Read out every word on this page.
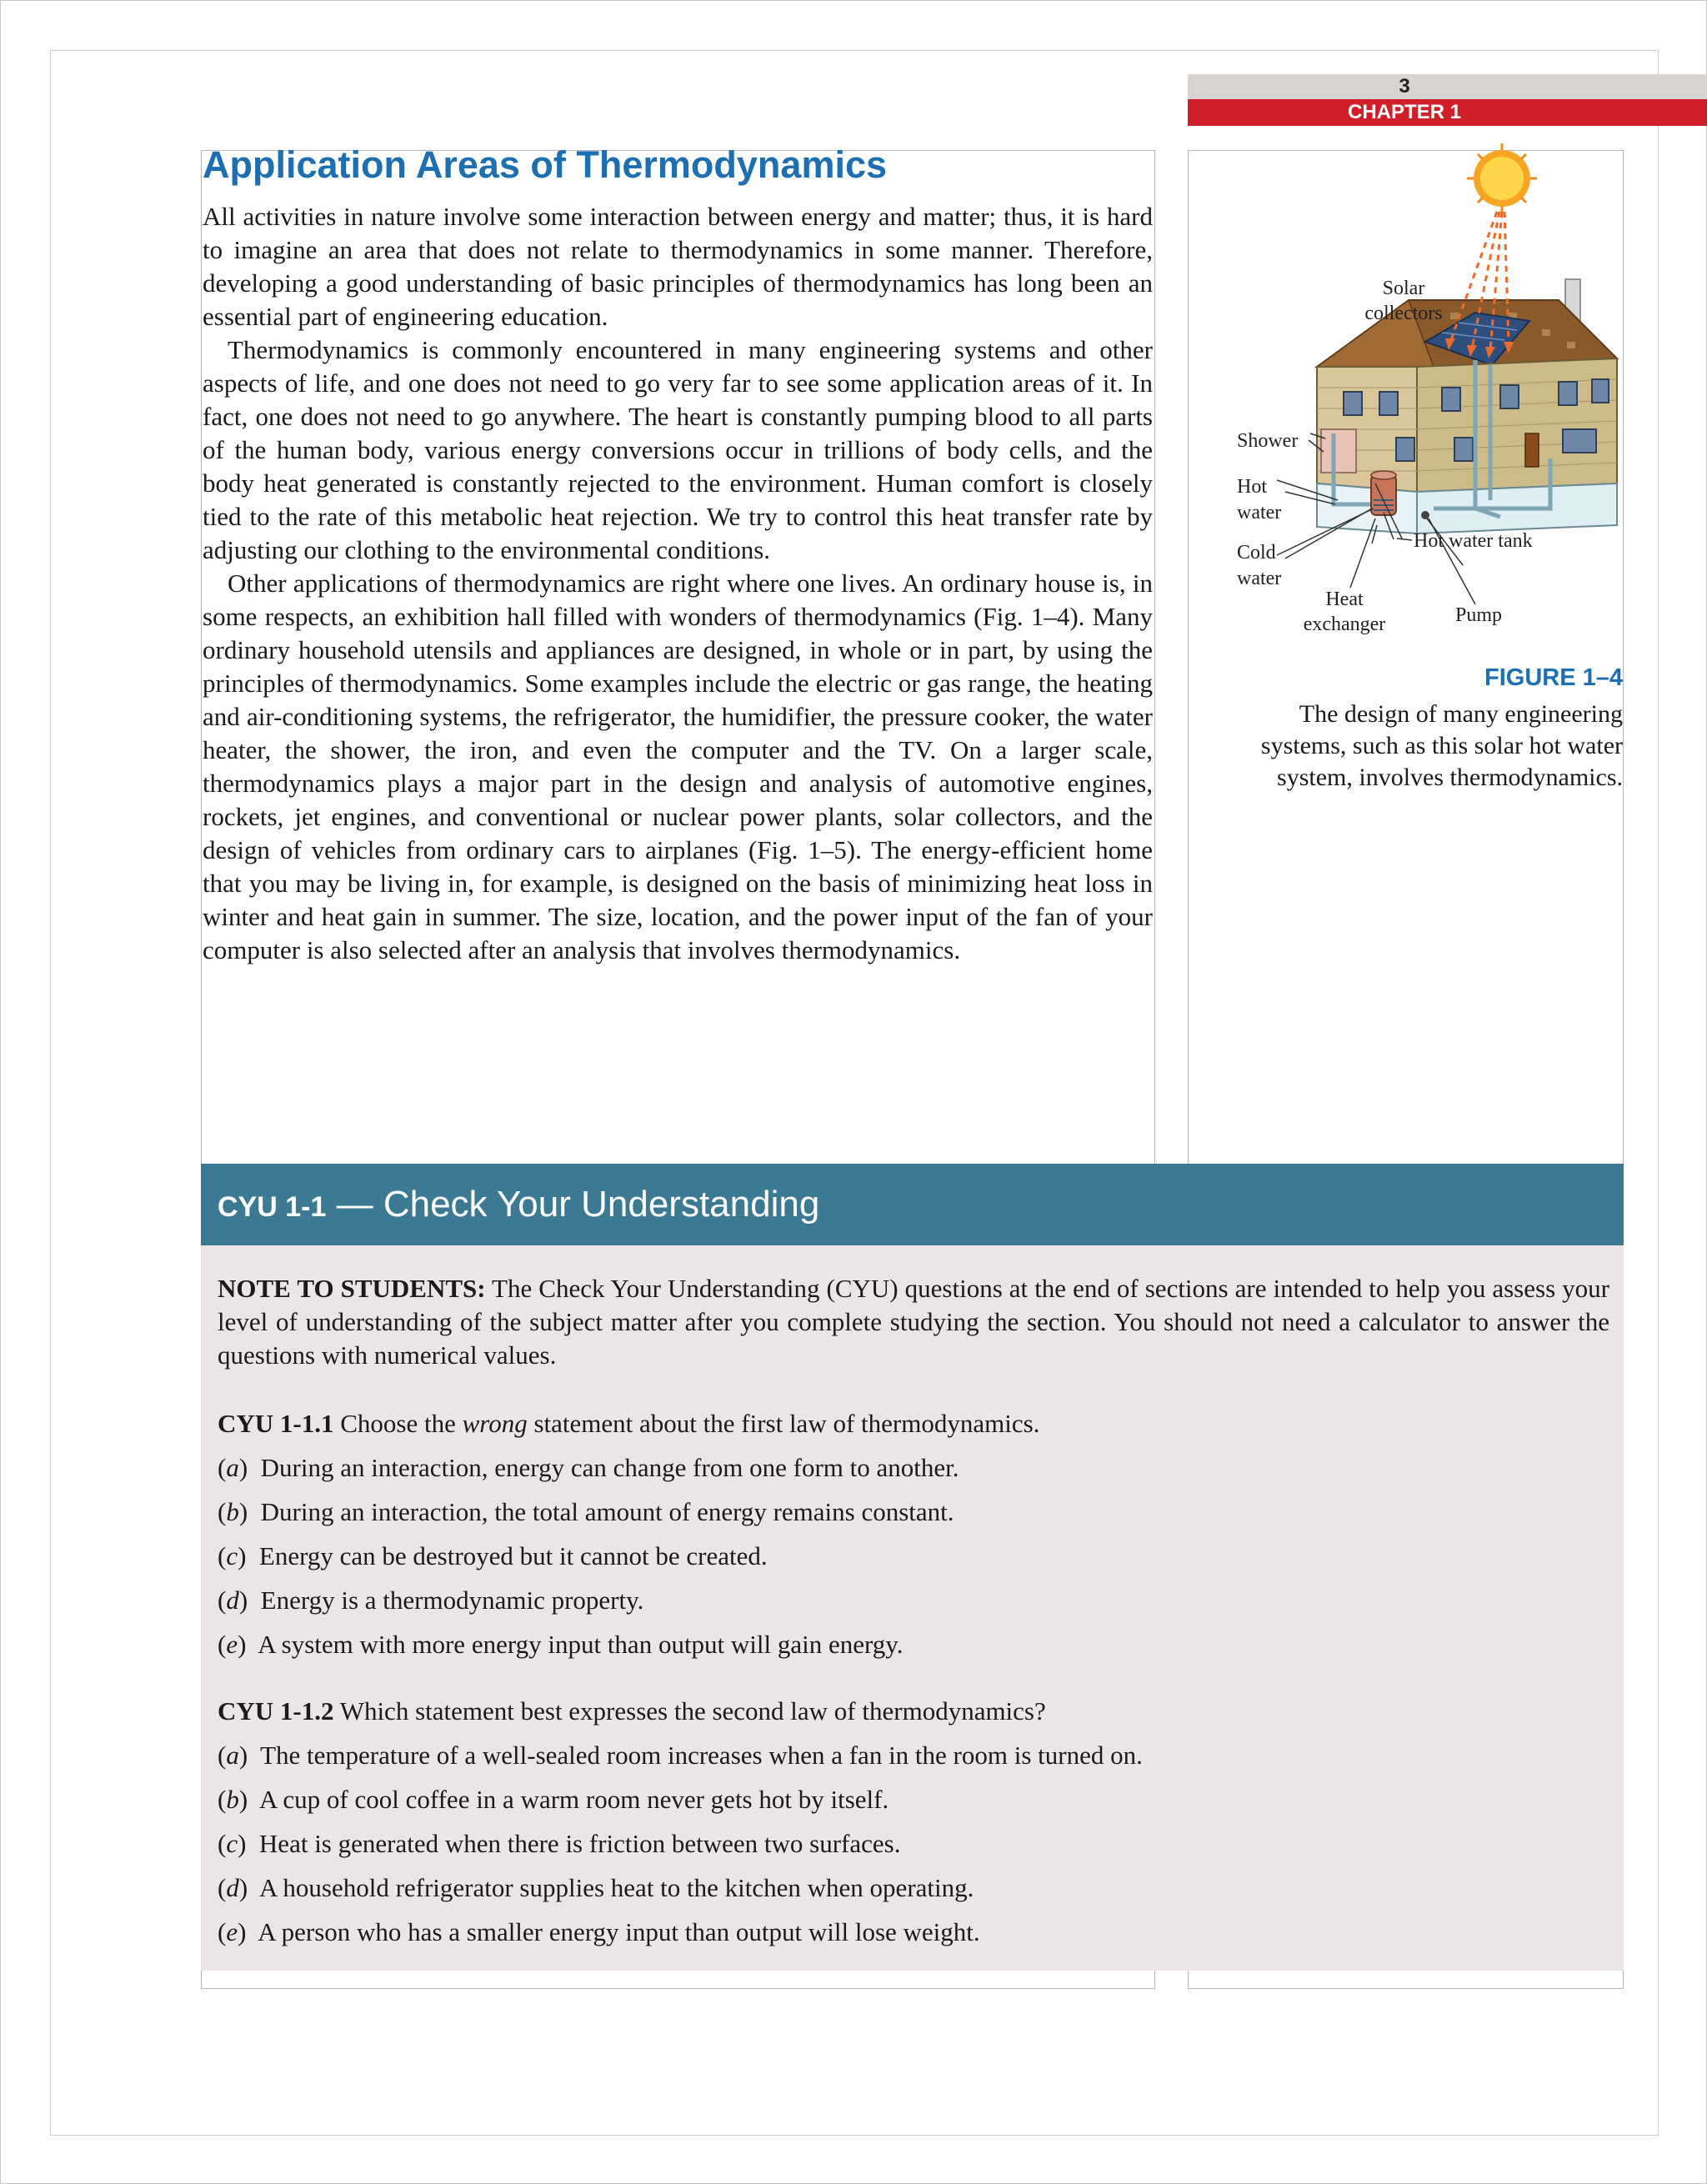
3
CHAPTER 1
Application Areas of Thermodynamics

All activities in nature involve some interaction between energy and matter; thus, it is hard to imagine an area that does not relate to thermodynamics in some manner. Therefore, developing a good understanding of basic principles of thermodynamics has long been an essential part of engineering education.

Thermodynamics is commonly encountered in many engineering systems and other aspects of life, and one does not need to go very far to see some application areas of it. In fact, one does not need to go anywhere. The heart is constantly pumping blood to all parts of the human body, various energy conversions occur in trillions of body cells, and the body heat generated is constantly rejected to the environment. Human comfort is closely tied to the rate of this metabolic heat rejection. We try to control this heat transfer rate by adjusting our clothing to the environmental conditions.

Other applications of thermodynamics are right where one lives. An ordinary house is, in some respects, an exhibition hall filled with wonders of thermodynamics (Fig. 1–4). Many ordinary household utensils and appliances are designed, in whole or in part, by using the principles of thermodynamics. Some examples include the electric or gas range, the heating and air-conditioning systems, the refrigerator, the humidifier, the pressure cooker, the water heater, the shower, the iron, and even the computer and the TV. On a larger scale, thermodynamics plays a major part in the design and analysis of automotive engines, rockets, jet engines, and conventional or nuclear power plants, solar collectors, and the design of vehicles from ordinary cars to airplanes (Fig. 1–5). The energy-efficient home that you may be living in, for example, is designed on the basis of minimizing heat loss in winter and heat gain in summer. The size, location, and the power input of the fan of your computer is also selected after an analysis that involves thermodynamics.

Solar
collectors
Shower
Hot
water
Cold
water
Hot water tank
Heat
exchanger	Pump
FIGURE 1–4
The design of many engineering systems, such as this solar hot water system, involves thermodynamics.
CYU 1-1 — Check Your Understanding

NOTE TO STUDENTS: The Check Your Understanding (CYU) questions at the end of sections are intended to help you assess your level of understanding of the subject matter after you complete studying the section. You should not need a calculator to answer the questions with numerical values.

CYU 1-1.1 Choose the wrong statement about the first law of thermodynamics.

(a)  During an interaction, energy can change from one form to another.

(b)  During an interaction, the total amount of energy remains constant.

(c)  Energy can be destroyed but it cannot be created.

(d)  Energy is a thermodynamic property.

(e)  A system with more energy input than output will gain energy.

CYU 1-1.2 Which statement best expresses the second law of thermodynamics?

(a)  The temperature of a well-sealed room increases when a fan in the room is turned on.

(b)  A cup of cool coffee in a warm room never gets hot by itself.

(c)  Heat is generated when there is friction between two surfaces.

(d)  A household refrigerator supplies heat to the kitchen when operating.

(e)  A person who has a smaller energy input than output will lose weight.
